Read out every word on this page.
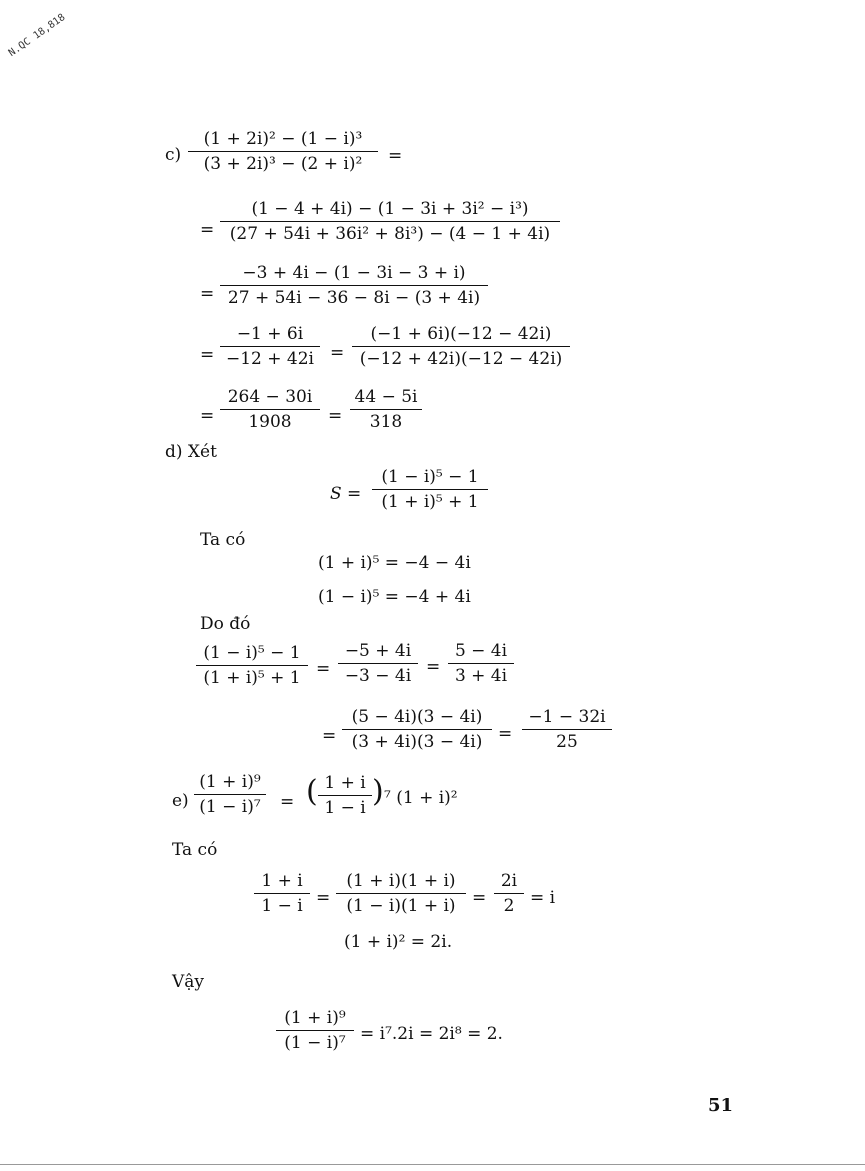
N.QC 18,818
$c) \frac{\text{(1 + 2i)² − (1 − i)³}}{\text{(3 + 2i)³ − (2 + i)²}}$ =
= $\frac{\text{(1 − 4 + 4i) − (1 − 3i + 3i² − i³)}}{\text{(27 + 54i + 36i² + 8i³) − (4 − 1 + 4i)}}$
= $\frac{-3 + 4i - (1 - 3i - 3 + i)}{27 + 54i - 36 - 8i - (3 + 4i)}$
= $\frac{-1 + 6i}{-12 + 42i} = \frac{(-1 + 6i)(-12 - 42i)}{(-12 + 42i)(-12 - 42i)}$
= $\frac{264 - 30i}{1908} = \frac{44 - 5i}{318}$
d) Xét
$S = \frac{\text{(1 − i)⁵ − 1}}{\text{(1 + i)⁵ + 1}}$
Ta có
(1 + i)⁵ = −4 − 4i
(1 − i)⁵ = −4 + 4i
Do đó
$\frac{\text{(1 − i)⁵ − 1}}{\text{(1 + i)⁵ + 1}} = \frac{-5 + 4i}{-3 - 4i} = \frac{5 - 4i}{3 + 4i}$
= $\frac{(5 - 4i)(3 - 4i)}{(3 + 4i)(3 - 4i)} = \frac{-1 - 32i}{25}$
$e) \frac{\text{(1 + i)⁹}}{\text{(1 − i)⁷}}$ = ( $\frac{1 + i}{1 - i}$ ) ⁷ (1 + i)²
Ta có
$\frac{1 + i}{1 - i} = \frac{(1 + i)(1 + i)}{(1 - i)(1 + i)} = \frac{2i}{2} = i$
(1 + i)² = 2i.
Vậy
$\frac{\text{(1 + i)⁹}}{\text{(1 − i)⁷}} = i^7.2i = 2i^8 = 2$.
51
